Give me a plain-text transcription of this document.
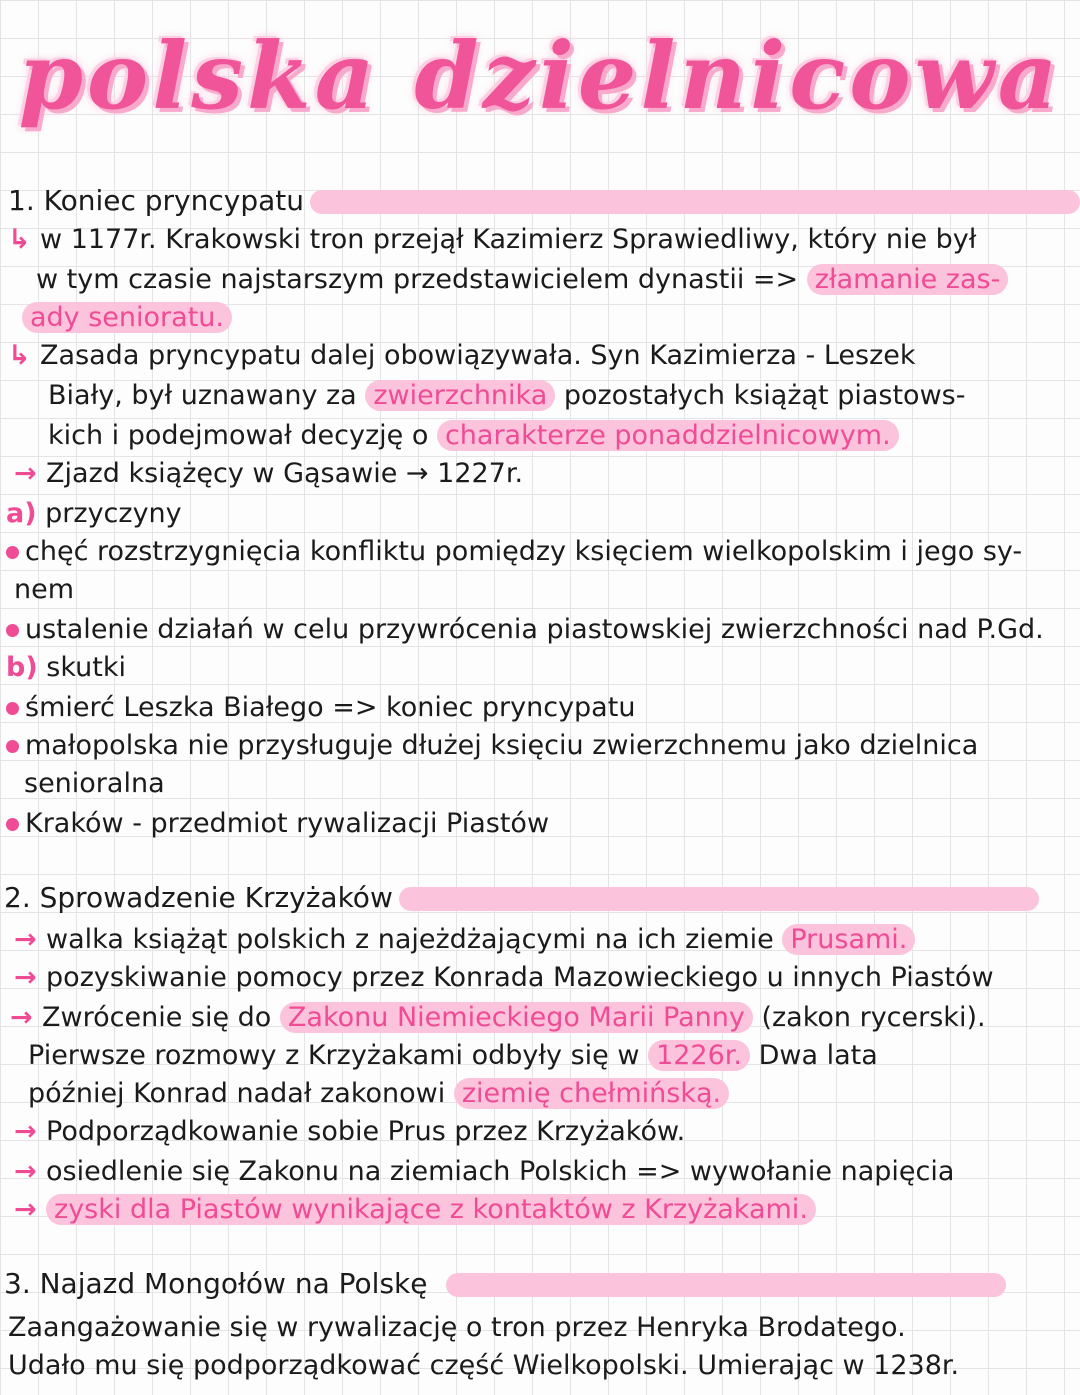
polska dzielnicowa
1. Koniec pryncypatu
↳ w 1177r. Krakowski tron przejął Kazimierz Sprawiedliwy, który nie był
w tym czasie najstarszym przedstawicielem dynastii => złamanie zas-
ady senioratu.
↳ Zasada pryncypatu dalej obowiązywała. Syn Kazimierza - Leszek
Biały, był uznawany za zwierzchnika pozostałych książąt piastows-
kich i podejmował decyzję o charakterze ponaddzielnicowym.
→ Zjazd książęcy w Gąsawie → 1227r.
a) przyczyny
chęć rozstrzygnięcia konfliktu pomiędzy księciem wielkopolskim i jego sy-
nem
ustalenie działań w celu przywrócenia piastowskiej zwierzchności nad P.Gd.
b) skutki
śmierć Leszka Białego => koniec pryncypatu
małopolska nie przysługuje dłużej księciu zwierzchnemu jako dzielnica
senioralna
Kraków - przedmiot rywalizacji Piastów
2. Sprowadzenie Krzyżaków
→ walka książąt polskich z najeżdżającymi na ich ziemie Prusami.
→ pozyskiwanie pomocy przez Konrada Mazowieckiego u innych Piastów
→ Zwrócenie się do Zakonu Niemieckiego Marii Panny (zakon rycerski).
Pierwsze rozmowy z Krzyżakami odbyły się w 1226r. Dwa lata
później Konrad nadał zakonowi ziemię chełmińską.
→ Podporządkowanie sobie Prus przez Krzyżaków.
→ osiedlenie się Zakonu na ziemiach Polskich => wywołanie napięcia
→ zyski dla Piastów wynikające z kontaktów z Krzyżakami.
3. Najazd Mongołów na Polskę
Zaangażowanie się w rywalizację o tron przez Henryka Brodatego.
Udało mu się podporządkować część Wielkopolski. Umierając w 1238r.
